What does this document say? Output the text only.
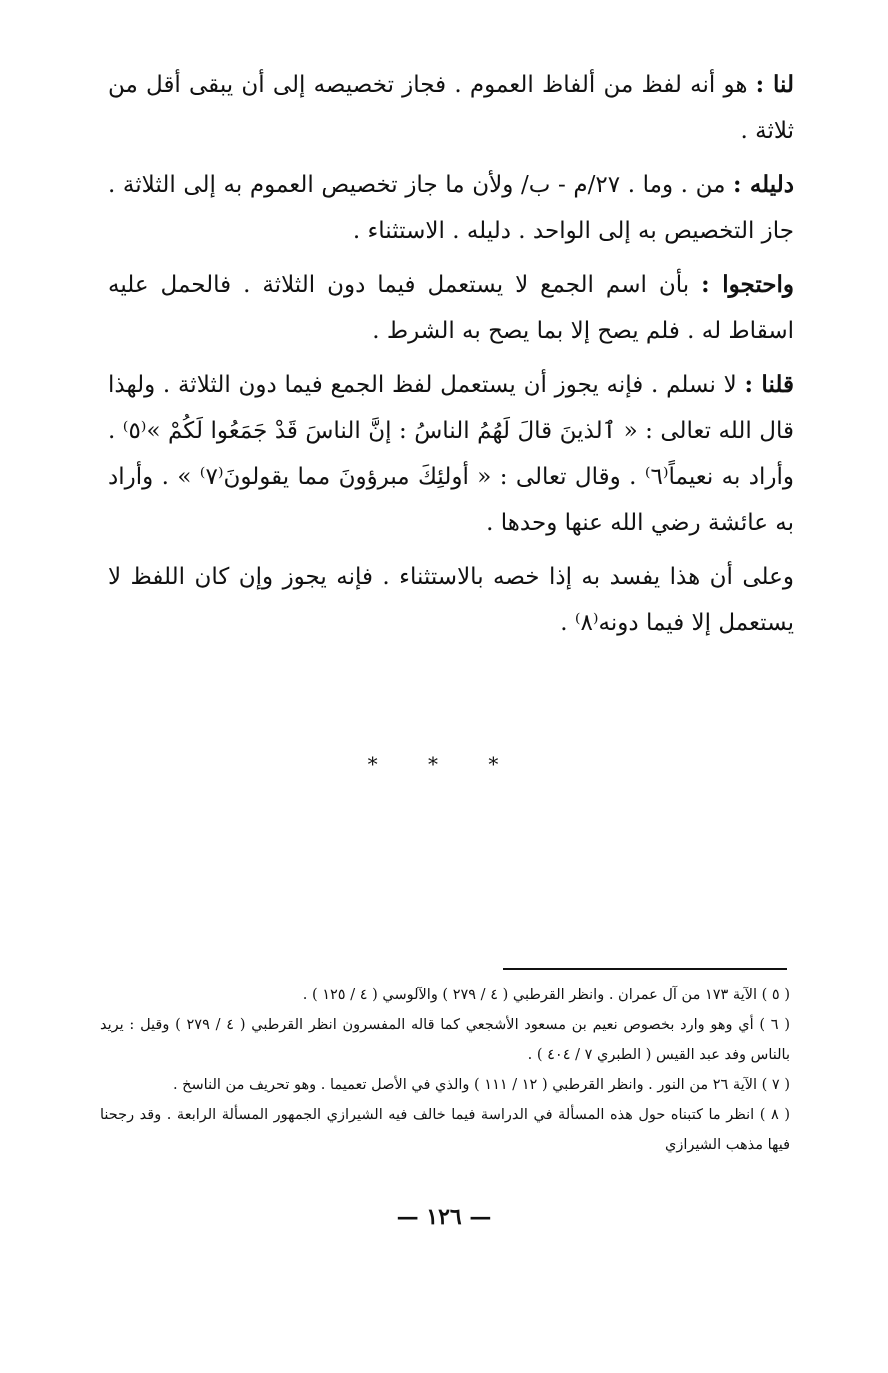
لنا : هو أنه لفظ من ألفاظ العموم . فجاز تخصيصه إلى أن يبقى أقل من ثلاثة .

دليله : من . وما . ٢٧/م - ب/ ولأن ما جاز تخصيص العموم به إلى الثلاثة . جاز التخصيص به إلى الواحد . دليله . الاستثناء .

واحتجوا : بأن اسم الجمع لا يستعمل فيما دون الثلاثة . فالحمل عليه اسقاط له . فلم يصح إلا بما يصح به الشرط .

قلنا : لا نسلم . فإنه يجوز أن يستعمل لفظ الجمع فيما دون الثلاثة . ولهذا قال الله تعالى : « ٱلذينَ قالَ لَهُمُ الناسُ : إنَّ الناسَ قَدْ جَمَعُوا لَكُمْ »⁽٥⁾ . وأراد به نعيماً⁽٦⁾ . وقال تعالى : « أولئِكَ مبرؤونَ مما يقولونَ⁽٧⁾ » . وأراد به عائشة رضي الله عنها وحدها .

وعلى أن هذا يفسد به إذا خصه بالاستثناء . فإنه يجوز وإن كان اللفظ لا يستعمل إلا فيما دونه⁽٨⁾ .

* * *

( ٥ ) الآية ١٧٣ من آل عمران . وانظر القرطبي ( ٤ / ٢٧٩ ) والآلوسي ( ٤ / ١٢٥ ) .

( ٦ ) أي وهو وارد بخصوص نعيم بن مسعود الأشجعي كما قاله المفسرون انظر القرطبي ( ٤ / ٢٧٩ ) وقيل : يريد بالناس وفد عبد القيس ( الطبري ٧ / ٤٠٤ ) .

( ٧ ) الآية ٢٦ من النور . وانظر القرطبي ( ١٢ / ١١١ ) والذي في الأصل تعميما . وهو تحريف من الناسخ .

( ٨ ) انظر ما كتبناه حول هذه المسألة في الدراسة فيما خالف فيه الشيرازي الجمهور المسألة الرابعة . وقد رجحنا فيها مذهب الشيرازي

— ١٢٦ —
